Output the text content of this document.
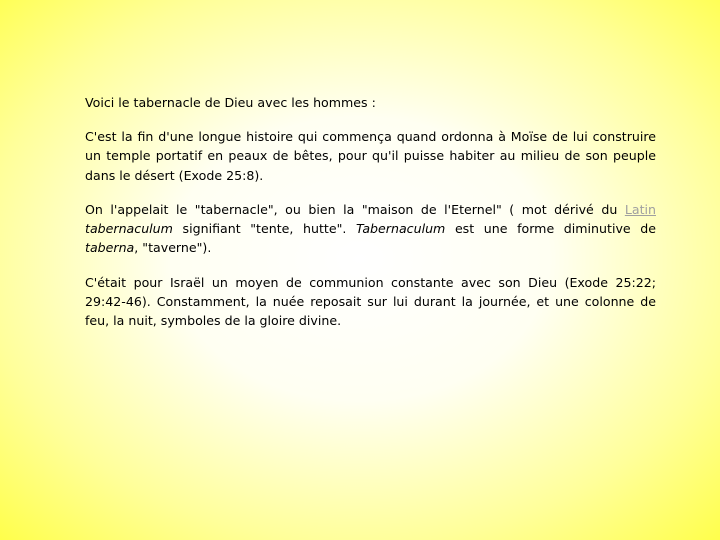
Voici le tabernacle de Dieu avec les hommes :

C'est la fin d'une longue histoire qui commença quand ordonna à Moïse de lui construire un temple portatif en peaux de bêtes, pour qu'il puisse habiter au milieu de son peuple dans le désert (Exode 25:8).

On l'appelait le "tabernacle", ou bien la "maison de l'Eternel" ( mot dérivé du Latin tabernaculum signifiant "tente, hutte". Tabernaculum est une forme diminutive de taberna, "taverne").

C'était pour Israël un moyen de communion constante avec son Dieu (Exode 25:22; 29:42-46). Constamment, la nuée reposait sur lui durant la journée, et une colonne de feu, la nuit, symboles de la gloire divine.
